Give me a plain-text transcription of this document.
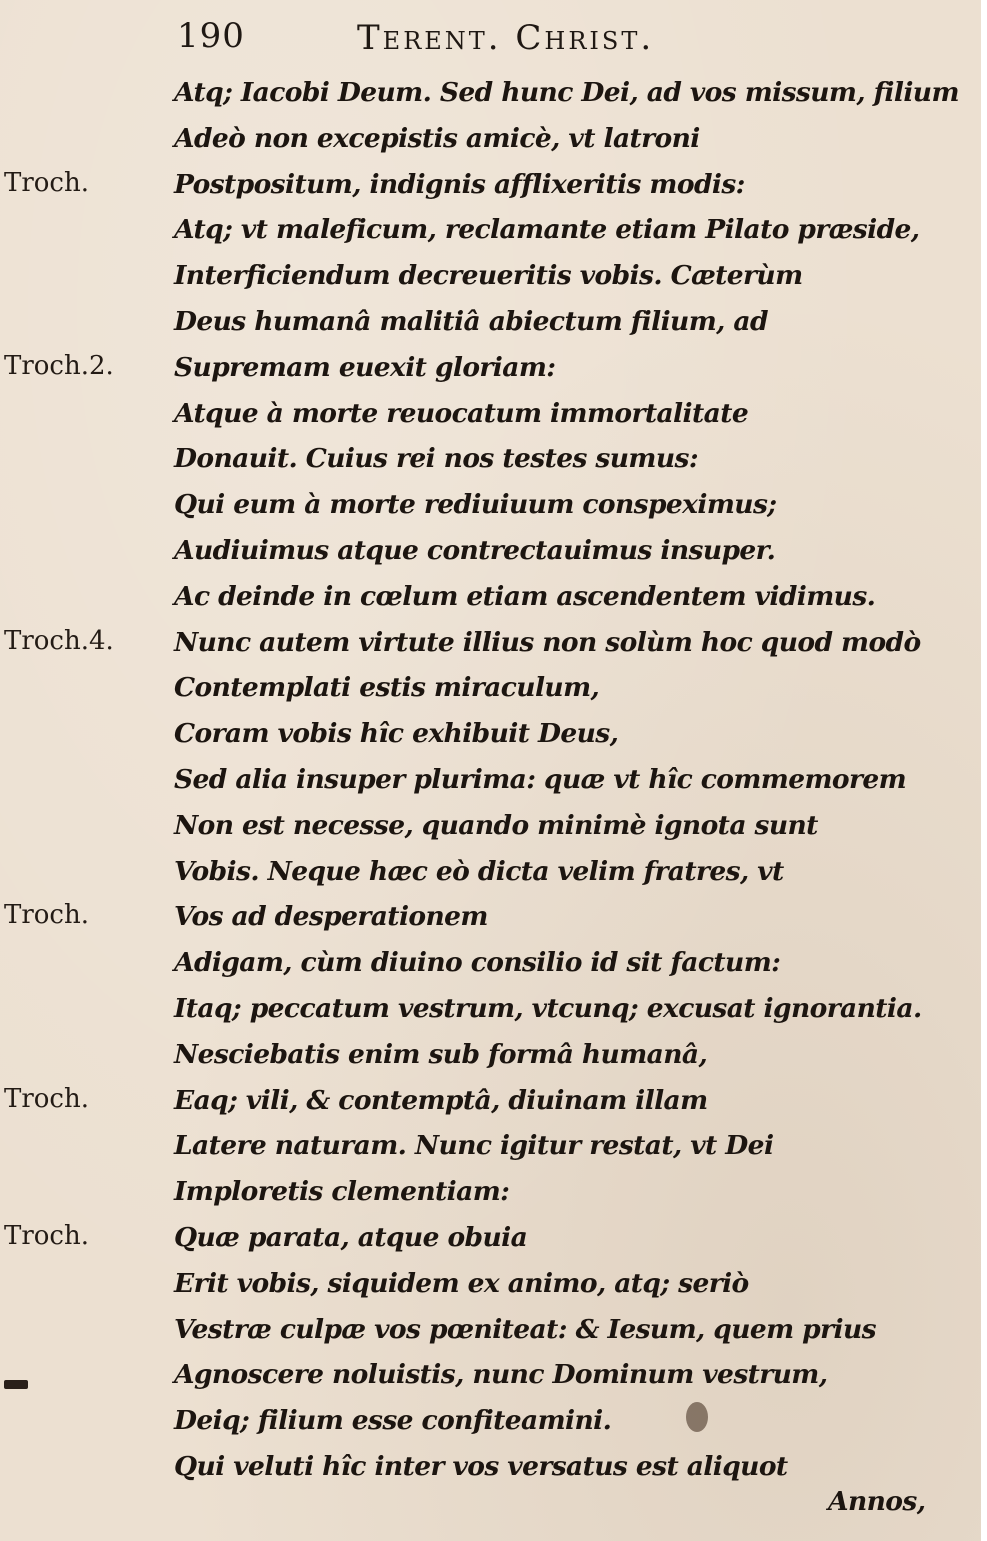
190	Terent. Christ.
Troch.
Troch.2.
Troch.4.
Troch.
Troch.
Troch.
Atq; Iacobi Deum. Sed hunc Dei, ad vos missum, filium
Adeò non excepistis amicè, vt latroni
Postpositum, indignis afflixeritis modis:
Atq; vt maleficum, reclamante etiam Pilato præside,
Interficiendum decreueritis vobis. Cæterùm
Deus humanâ malitiâ abiectum filium, ad
Supremam euexit gloriam:
Atque à morte reuocatum immortalitate
Donauit. Cuius rei nos testes sumus:
Qui eum à morte rediuiuum conspeximus;
Audiuimus atque contrectauimus insuper.
Ac deinde in cœlum etiam ascendentem vidimus.
Nunc autem virtute illius non solùm hoc quod modò
Contemplati estis miraculum,
Coram vobis hîc exhibuit Deus,
Sed alia insuper plurima: quæ vt hîc commemorem
Non est necesse, quando minimè ignota sunt
Vobis. Neque hæc eò dicta velim fratres, vt
Vos ad desperationem
Adigam, cùm diuino consilio id sit factum:
Itaq; peccatum vestrum, vtcunq; excusat ignorantia.
Nesciebatis enim sub formâ humanâ,
Eaq; vili, & contemptâ, diuinam illam
Latere naturam. Nunc igitur restat, vt Dei
Imploretis clementiam:
Quæ parata, atque obuia
Erit vobis, siquidem ex animo, atq; seriò
Vestræ culpæ vos pœniteat: & Iesum, quem prius
Agnoscere noluistis, nunc Dominum vestrum,
Deiq; filium esse confiteamini.
Qui veluti hîc inter vos versatus est aliquot
Annos,
